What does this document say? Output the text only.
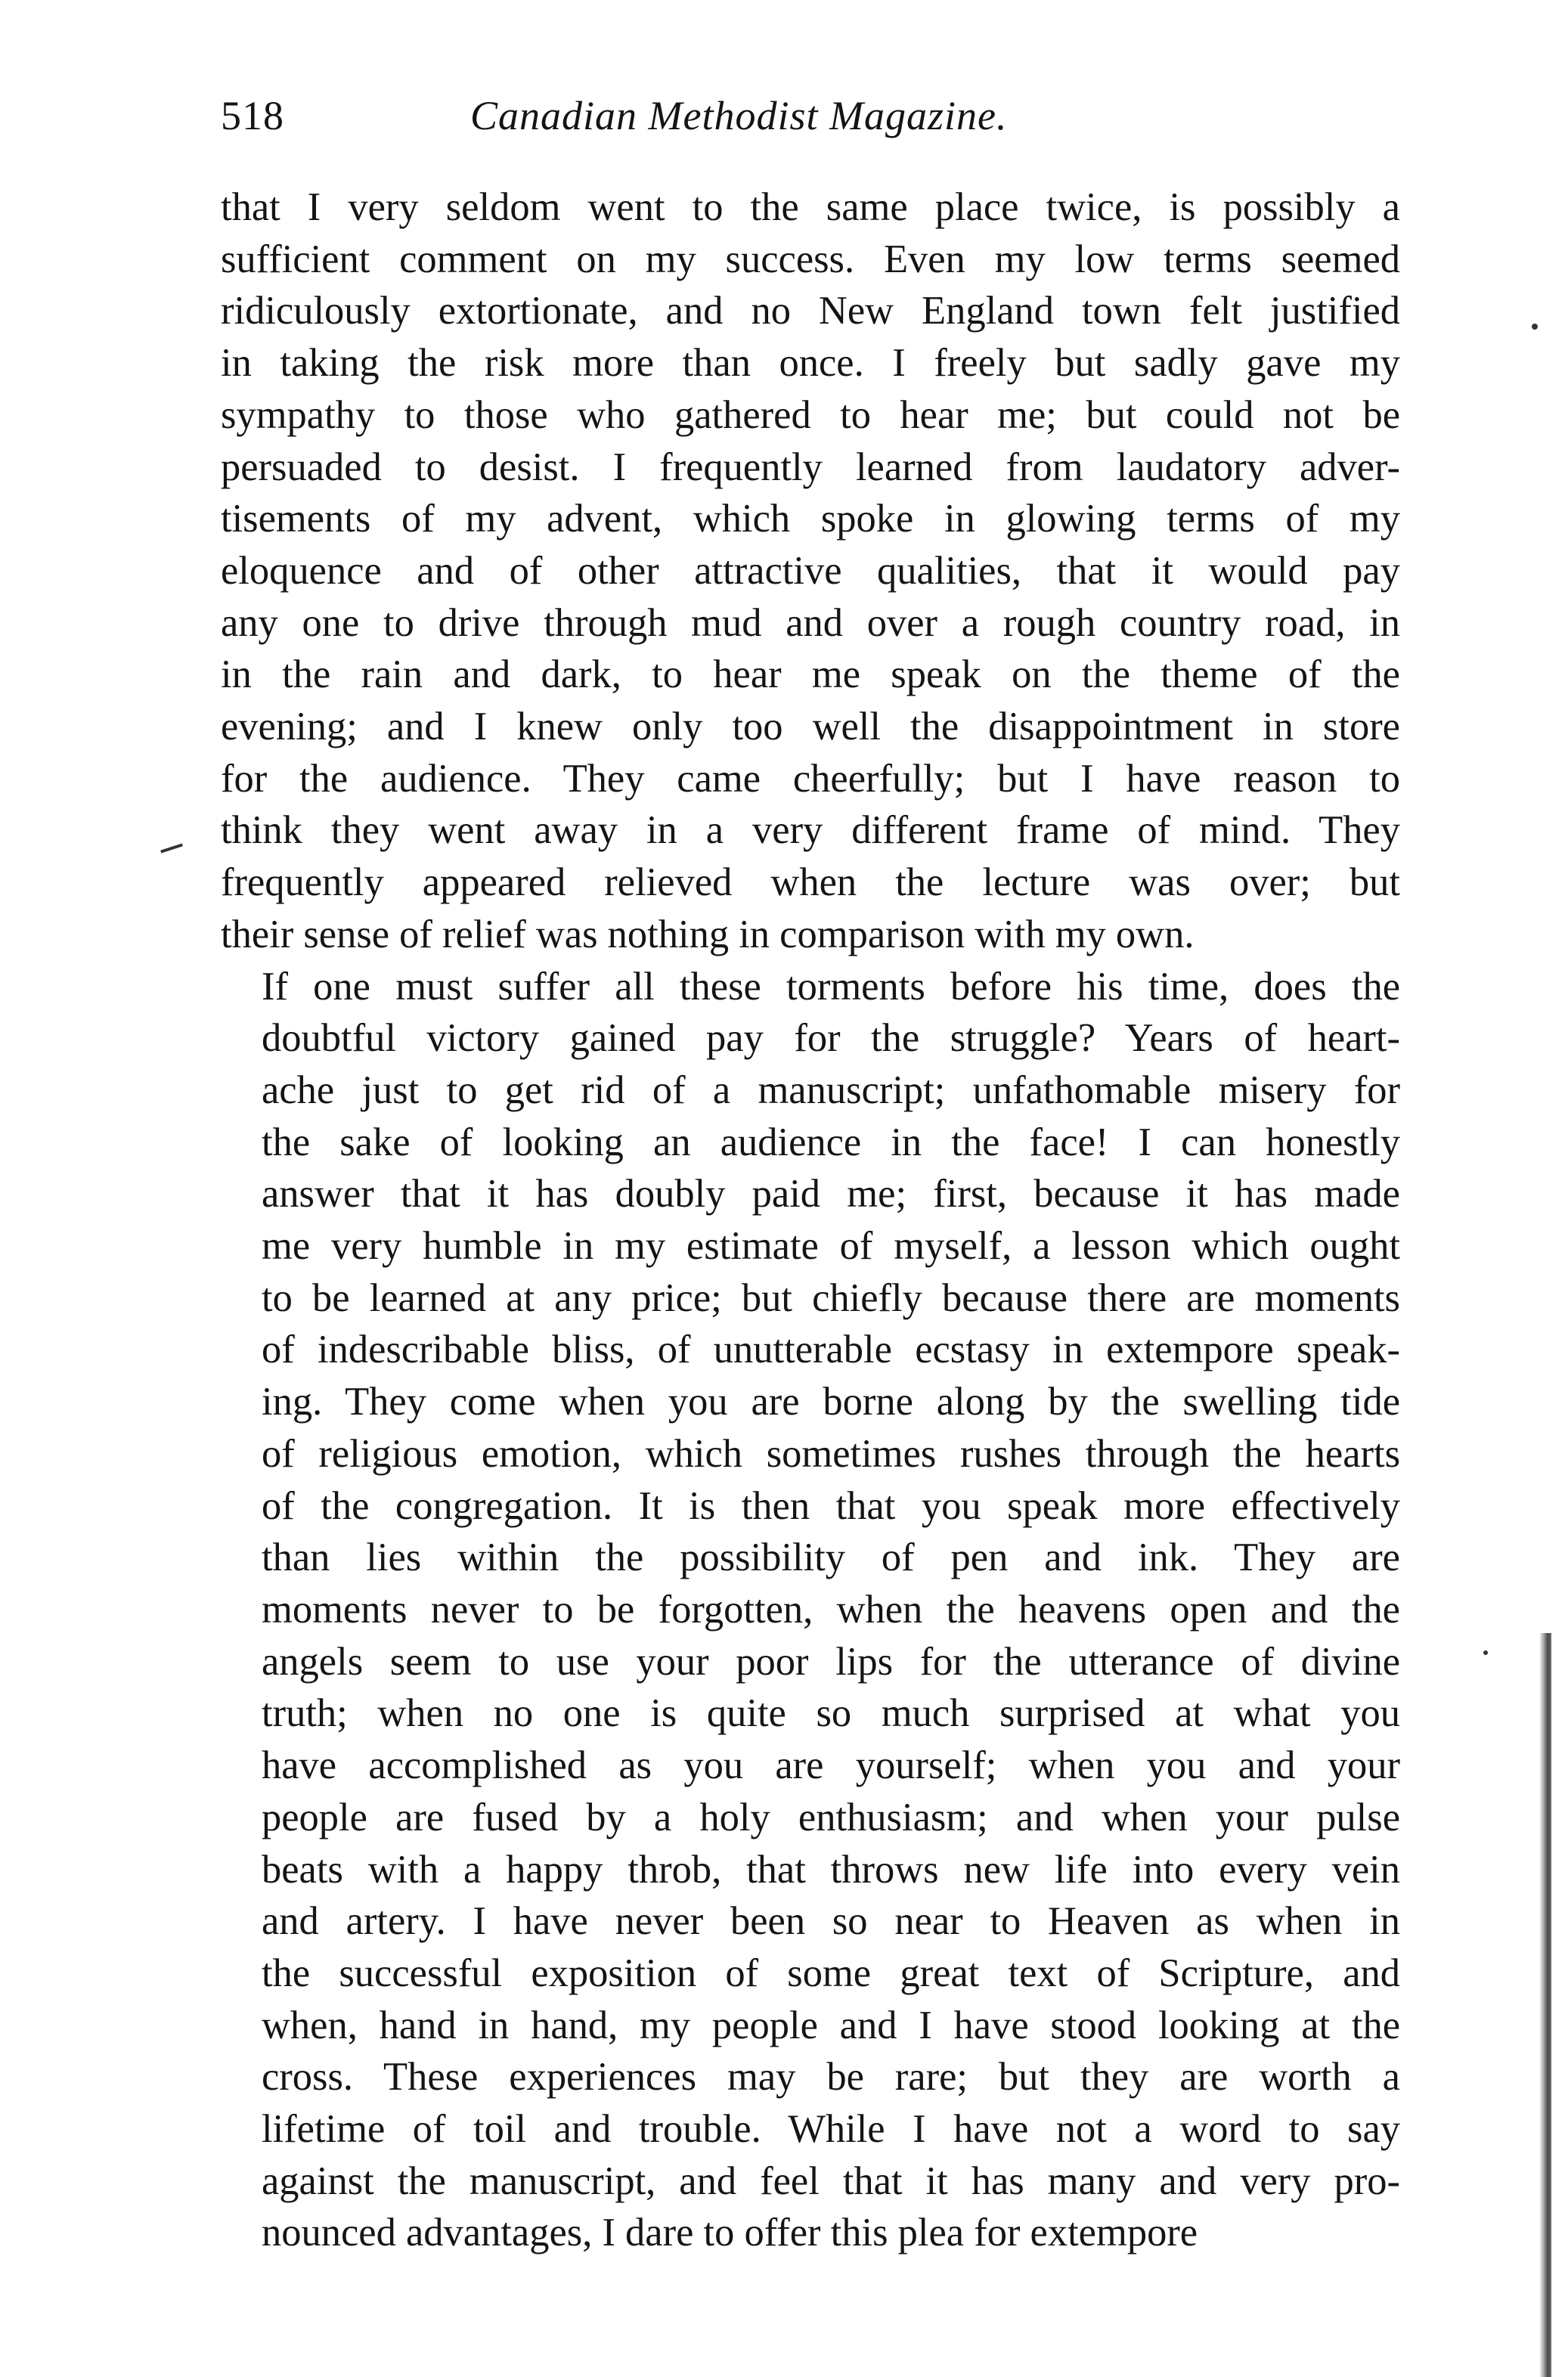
518	Canadian Methodist Magazine.

that I very seldom went to the same place twice, is possibly a
sufficient comment on my success. Even my low terms seemed
ridiculously extortionate, and no New England town felt justified
in taking the risk more than once. I freely but sadly gave my
sympathy to those who gathered to hear me; but could not be
persuaded to desist. I frequently learned from laudatory adver-
tisements of my advent, which spoke in glowing terms of my
eloquence and of other attractive qualities, that it would pay
any one to drive through mud and over a rough country road, in
in the rain and dark, to hear me speak on the theme of the
evening; and I knew only too well the disappointment in store
for the audience. They came cheerfully; but I have reason to
think they went away in a very different frame of mind. They
frequently appeared relieved when the lecture was over; but
their sense of relief was nothing in comparison with my own.

If one must suffer all these torments before his time, does the
doubtful victory gained pay for the struggle? Years of heart-
ache just to get rid of a manuscript; unfathomable misery for
the sake of looking an audience in the face! I can honestly
answer that it has doubly paid me; first, because it has made
me very humble in my estimate of myself, a lesson which ought
to be learned at any price; but chiefly because there are moments
of indescribable bliss, of unutterable ecstasy in extempore speak-
ing. They come when you are borne along by the swelling tide
of religious emotion, which sometimes rushes through the hearts
of the congregation. It is then that you speak more effectively
than lies within the possibility of pen and ink. They are
moments never to be forgotten, when the heavens open and the
angels seem to use your poor lips for the utterance of divine
truth; when no one is quite so much surprised at what you
have accomplished as you are yourself; when you and your
people are fused by a holy enthusiasm; and when your pulse
beats with a happy throb, that throws new life into every vein
and artery. I have never been so near to Heaven as when in
the successful exposition of some great text of Scripture, and
when, hand in hand, my people and I have stood looking at the
cross. These experiences may be rare; but they are worth a
lifetime of toil and trouble. While I have not a word to say
against the manuscript, and feel that it has many and very pro-
nounced advantages, I dare to offer this plea for extempore
